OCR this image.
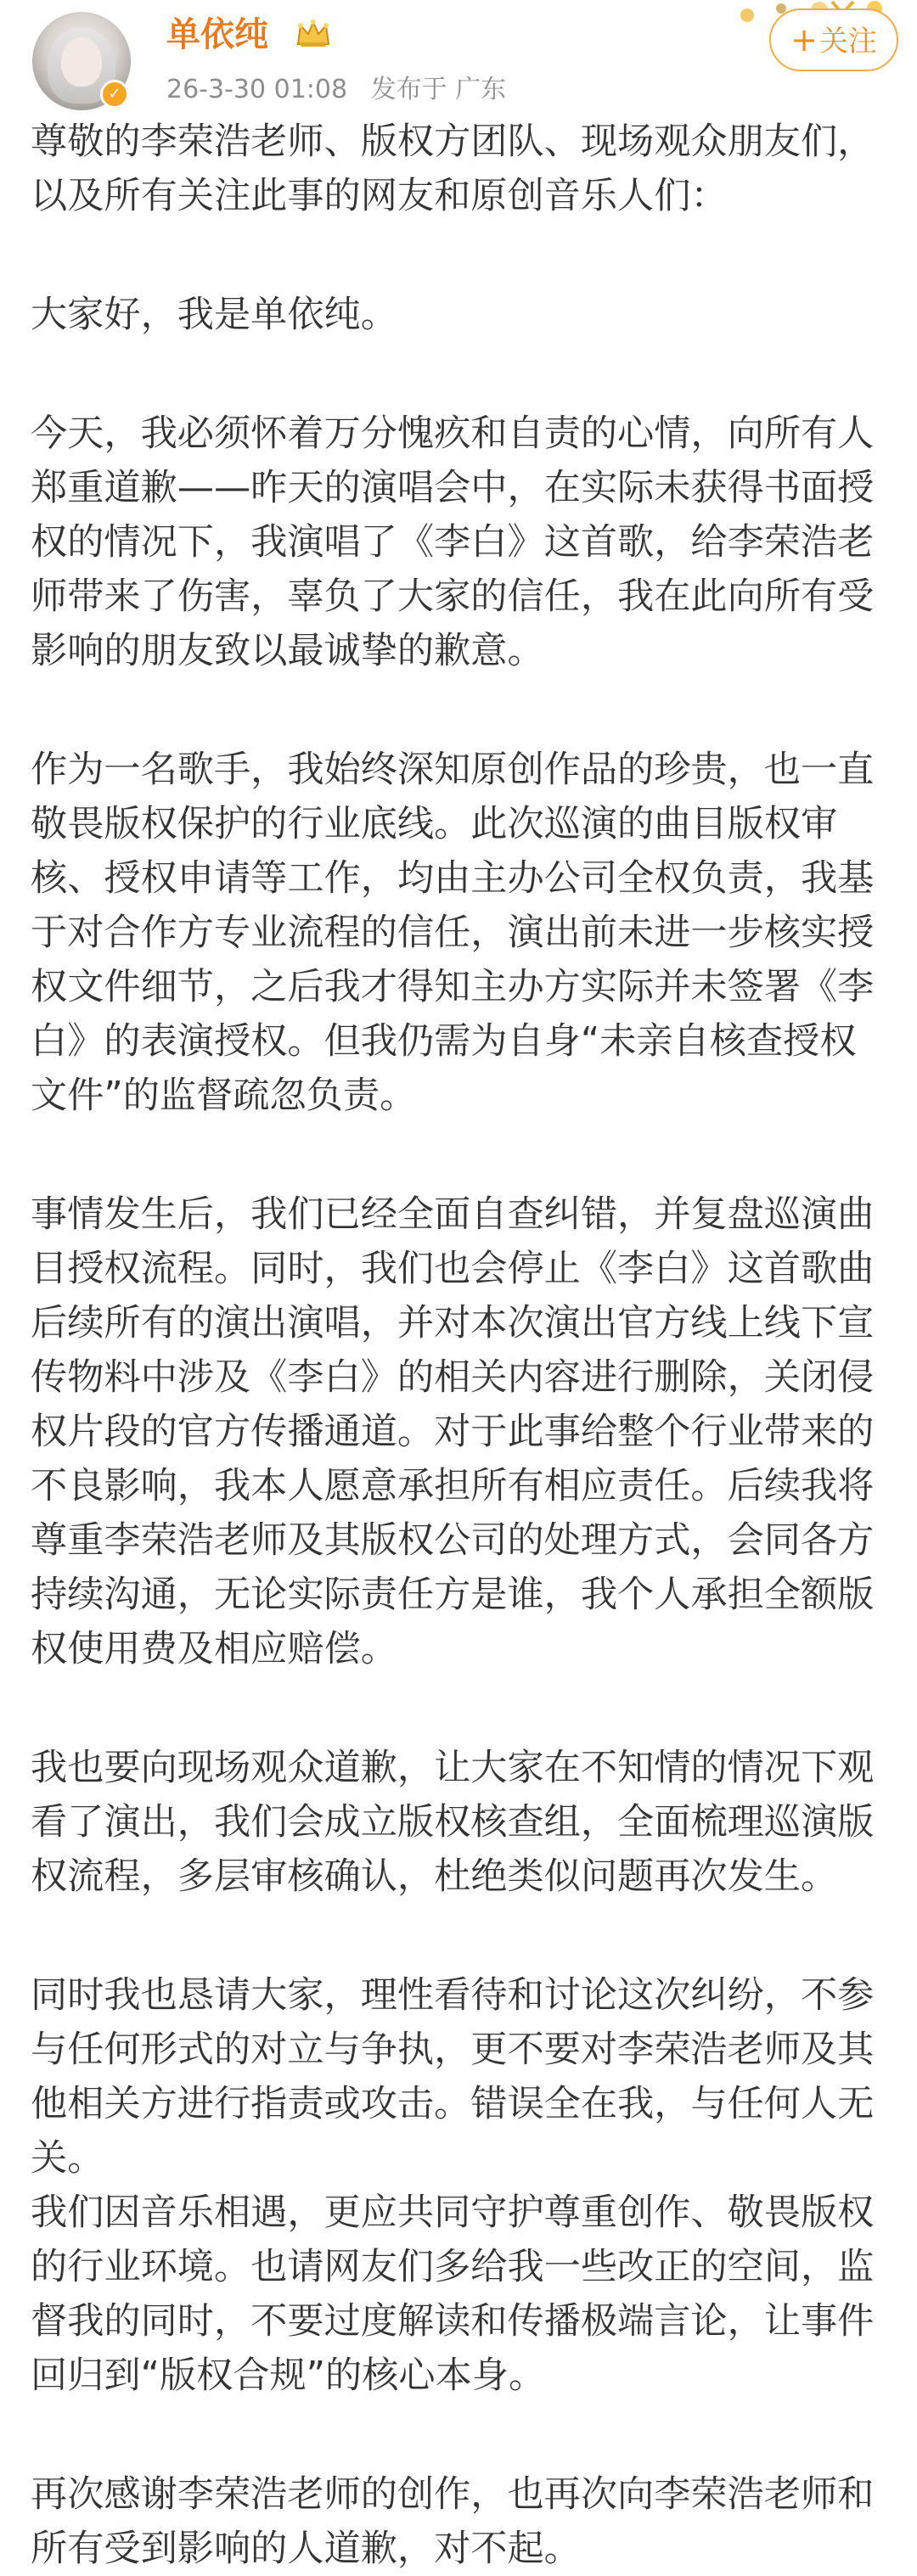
✓
单依纯
26-3-30 01:08 发布于 广东
+关注

尊敬的李荣浩老师、版权方团队、现场观众朋友们，以及所有关注此事的网友和原创音乐人们：

大家好，我是单依纯。

今天，我必须怀着万分愧疚和自责的心情，向所有人郑重道歉——昨天的演唱会中，在实际未获得书面授权的情况下，我演唱了《李白》这首歌，给李荣浩老师带来了伤害，辜负了大家的信任，我在此向所有受影响的朋友致以最诚挚的歉意。

作为一名歌手，我始终深知原创作品的珍贵，也一直敬畏版权保护的行业底线。此次巡演的曲目版权审核、授权申请等工作，均由主办公司全权负责，我基于对合作方专业流程的信任，演出前未进一步核实授权文件细节，之后我才得知主办方实际并未签署《李白》的表演授权。但我仍需为自身“未亲自核查授权文件”的监督疏忽负责。

事情发生后，我们已经全面自查纠错，并复盘巡演曲目授权流程。同时，我们也会停止《李白》这首歌曲后续所有的演出演唱，并对本次演出官方线上线下宣传物料中涉及《李白》的相关内容进行删除，关闭侵权片段的官方传播通道。对于此事给整个行业带来的不良影响，我本人愿意承担所有相应责任。后续我将尊重李荣浩老师及其版权公司的处理方式，会同各方持续沟通，无论实际责任方是谁，我个人承担全额版权使用费及相应赔偿。

我也要向现场观众道歉，让大家在不知情的情况下观看了演出，我们会成立版权核查组，全面梳理巡演版权流程，多层审核确认，杜绝类似问题再次发生。

同时我也恳请大家，理性看待和讨论这次纠纷，不参与任何形式的对立与争执，更不要对李荣浩老师及其他相关方进行指责或攻击。错误全在我，与任何人无关。

我们因音乐相遇，更应共同守护尊重创作、敬畏版权的行业环境。也请网友们多给我一些改正的空间，监督我的同时，不要过度解读和传播极端言论，让事件回归到“版权合规”的核心本身。

再次感谢李荣浩老师的创作，也再次向李荣浩老师和所有受到影响的人道歉，对不起。
